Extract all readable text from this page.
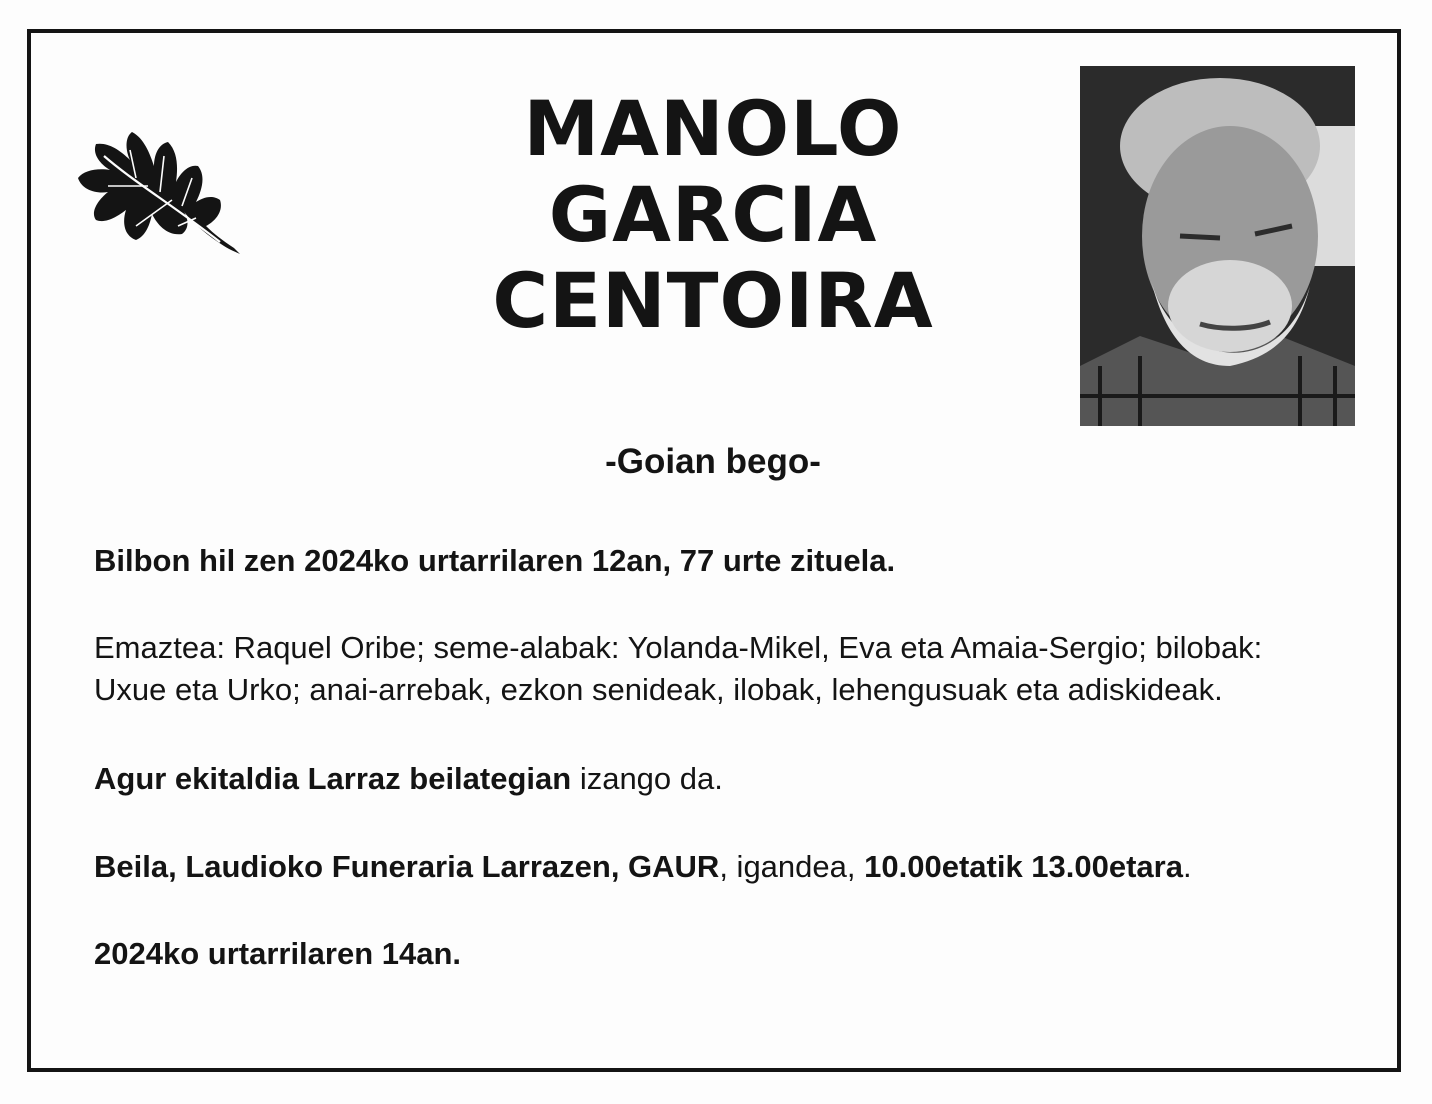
MANOLO
GARCIA
CENTOIRA
-Goian bego-
Bilbon hil zen 2024ko urtarrilaren 12an, 77 urte zituela.
Emaztea: Raquel Oribe; seme-alabak: Yolanda-Mikel, Eva eta Amaia-Sergio; bilobak:
Uxue eta Urko; anai-arrebak, ezkon senideak, ilobak, lehengusuak eta adiskideak.
Agur ekitaldia Larraz beilategian izango da.
Beila, Laudioko Funeraria Larrazen, GAUR, igandea, 10.00etatik 13.00etara.
2024ko urtarrilaren 14an.
